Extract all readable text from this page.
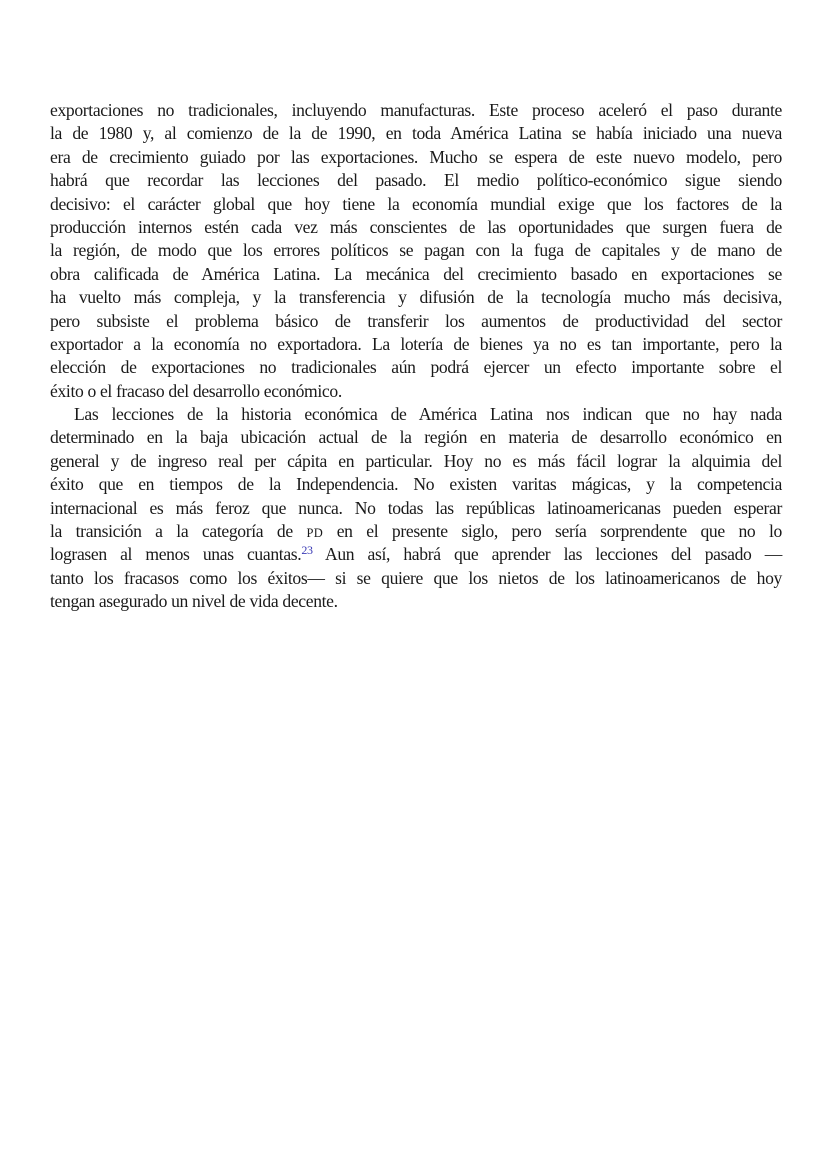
exportaciones no tradicionales, incluyendo manufacturas. Este proceso aceleró el paso durante
la de 1980 y, al comienzo de la de 1990, en toda América Latina se había iniciado una nueva
era de crecimiento guiado por las exportaciones. Mucho se espera de este nuevo modelo, pero
habrá que recordar las lecciones del pasado. El medio político-económico sigue siendo
decisivo: el carácter global que hoy tiene la economía mundial exige que los factores de la
producción internos estén cada vez más conscientes de las oportunidades que surgen fuera de
la región, de modo que los errores políticos se pagan con la fuga de capitales y de mano de
obra calificada de América Latina. La mecánica del crecimiento basado en exportaciones se
ha vuelto más compleja, y la transferencia y difusión de la tecnología mucho más decisiva,
pero subsiste el problema básico de transferir los aumentos de productividad del sector
exportador a la economía no exportadora. La lotería de bienes ya no es tan importante, pero la
elección de exportaciones no tradicionales aún podrá ejercer un efecto importante sobre el
éxito o el fracaso del desarrollo económico.
Las lecciones de la historia económica de América Latina nos indican que no hay nada
determinado en la baja ubicación actual de la región en materia de desarrollo económico en
general y de ingreso real per cápita en particular. Hoy no es más fácil lograr la alquimia del
éxito que en tiempos de la Independencia. No existen varitas mágicas, y la competencia
internacional es más feroz que nunca. No todas las repúblicas latinoamericanas pueden esperar
la transición a la categoría de PD en el presente siglo, pero sería sorprendente que no lo
lograsen al menos unas cuantas.$^{23}$ Aun así, habrá que aprender las lecciones del pasado —
tanto los fracasos como los éxitos— si se quiere que los nietos de los latinoamericanos de hoy
tengan asegurado un nivel de vida decente.
